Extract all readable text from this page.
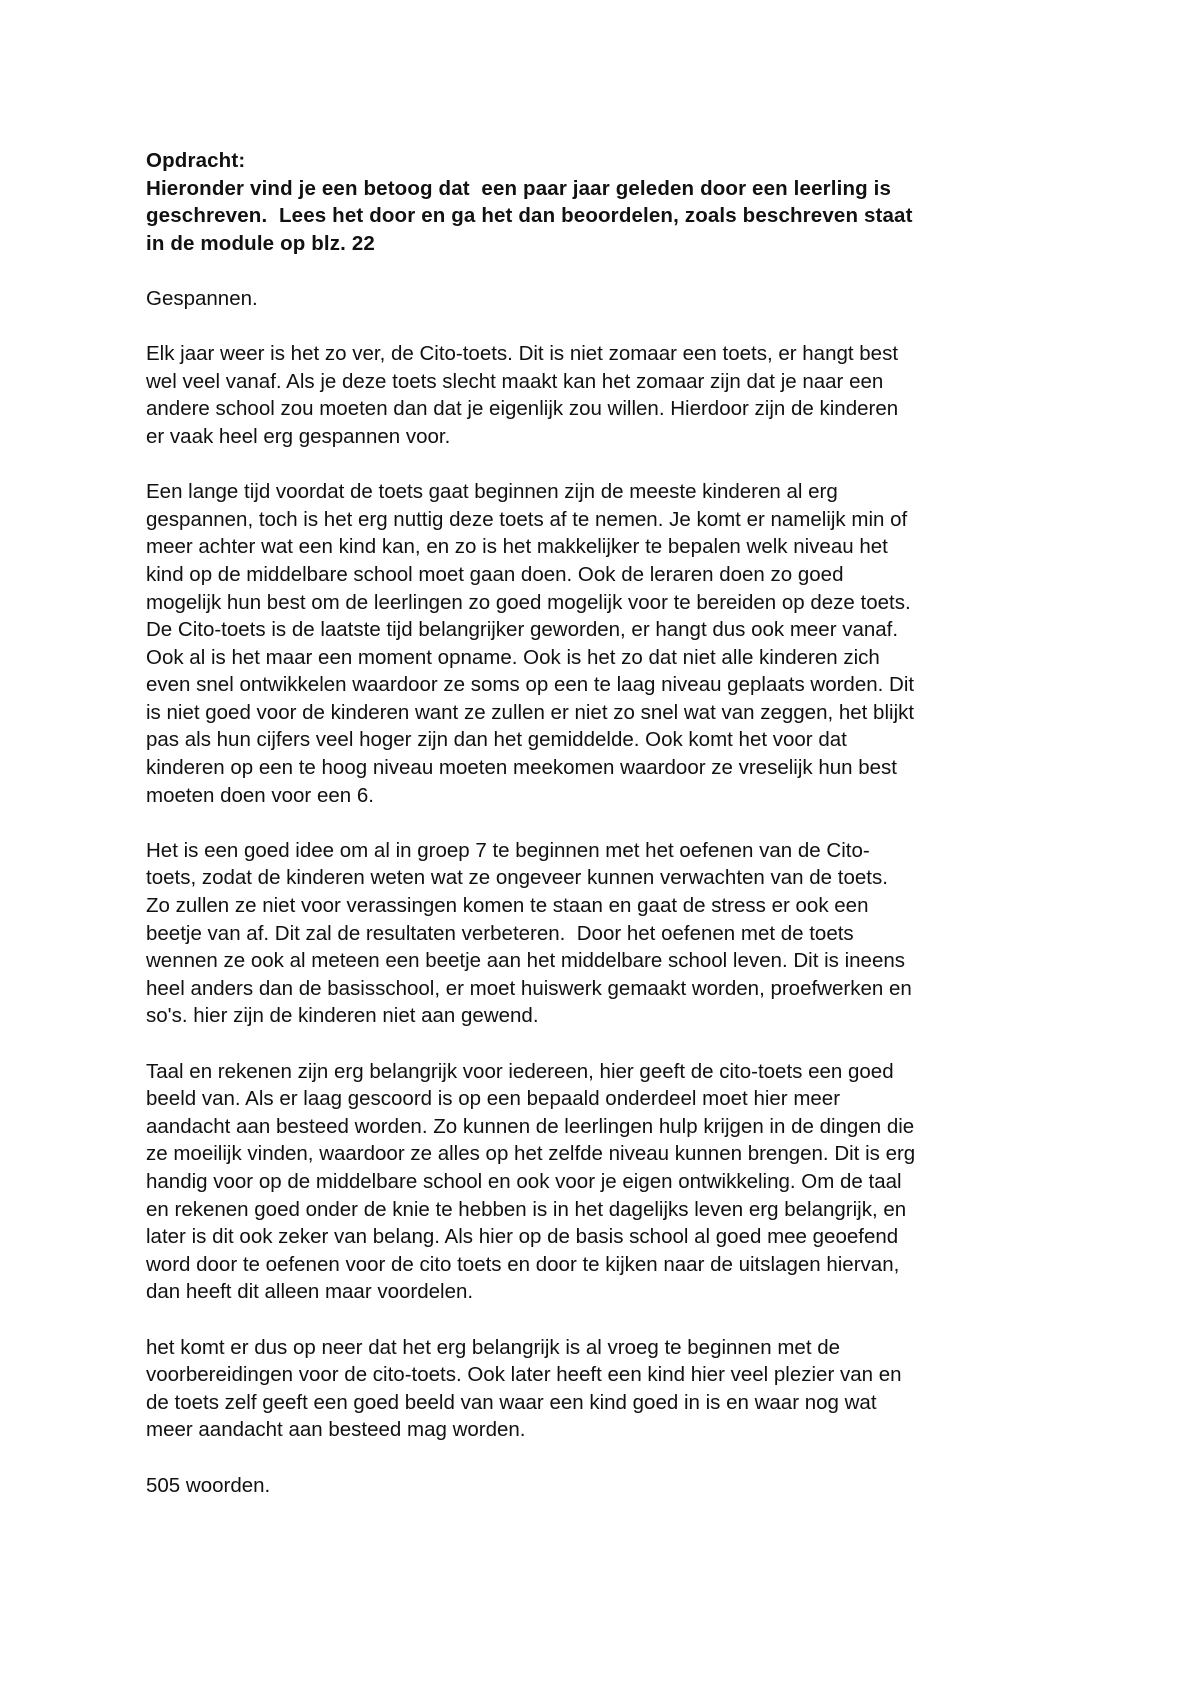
Opdracht:
Hieronder vind je een betoog dat  een paar jaar geleden door een leerling is
geschreven.  Lees het door en ga het dan beoordelen, zoals beschreven staat
in de module op blz. 22
Gespannen.
Elk jaar weer is het zo ver, de Cito-toets. Dit is niet zomaar een toets, er hangt best
wel veel vanaf. Als je deze toets slecht maakt kan het zomaar zijn dat je naar een
andere school zou moeten dan dat je eigenlijk zou willen. Hierdoor zijn de kinderen
er vaak heel erg gespannen voor.
Een lange tijd voordat de toets gaat beginnen zijn de meeste kinderen al erg
gespannen, toch is het erg nuttig deze toets af te nemen. Je komt er namelijk min of
meer achter wat een kind kan, en zo is het makkelijker te bepalen welk niveau het
kind op de middelbare school moet gaan doen. Ook de leraren doen zo goed
mogelijk hun best om de leerlingen zo goed mogelijk voor te bereiden op deze toets.
De Cito-toets is de laatste tijd belangrijker geworden, er hangt dus ook meer vanaf.
Ook al is het maar een moment opname. Ook is het zo dat niet alle kinderen zich
even snel ontwikkelen waardoor ze soms op een te laag niveau geplaats worden. Dit
is niet goed voor de kinderen want ze zullen er niet zo snel wat van zeggen, het blijkt
pas als hun cijfers veel hoger zijn dan het gemiddelde. Ook komt het voor dat
kinderen op een te hoog niveau moeten meekomen waardoor ze vreselijk hun best
moeten doen voor een 6.
Het is een goed idee om al in groep 7 te beginnen met het oefenen van de Cito-
toets, zodat de kinderen weten wat ze ongeveer kunnen verwachten van de toets.
Zo zullen ze niet voor verassingen komen te staan en gaat de stress er ook een
beetje van af. Dit zal de resultaten verbeteren.  Door het oefenen met de toets
wennen ze ook al meteen een beetje aan het middelbare school leven. Dit is ineens
heel anders dan de basisschool, er moet huiswerk gemaakt worden, proefwerken en
so's. hier zijn de kinderen niet aan gewend.
Taal en rekenen zijn erg belangrijk voor iedereen, hier geeft de cito-toets een goed
beeld van. Als er laag gescoord is op een bepaald onderdeel moet hier meer
aandacht aan besteed worden. Zo kunnen de leerlingen hulp krijgen in de dingen die
ze moeilijk vinden, waardoor ze alles op het zelfde niveau kunnen brengen. Dit is erg
handig voor op de middelbare school en ook voor je eigen ontwikkeling. Om de taal
en rekenen goed onder de knie te hebben is in het dagelijks leven erg belangrijk, en
later is dit ook zeker van belang. Als hier op de basis school al goed mee geoefend
word door te oefenen voor de cito toets en door te kijken naar de uitslagen hiervan,
dan heeft dit alleen maar voordelen.
het komt er dus op neer dat het erg belangrijk is al vroeg te beginnen met de
voorbereidingen voor de cito-toets. Ook later heeft een kind hier veel plezier van en
de toets zelf geeft een goed beeld van waar een kind goed in is en waar nog wat
meer aandacht aan besteed mag worden.
505 woorden.
